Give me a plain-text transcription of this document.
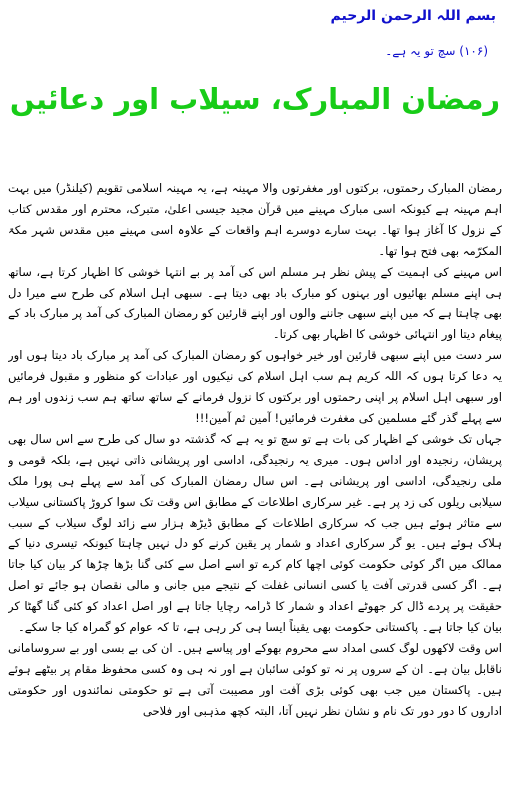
بسم اللہ الرحمن الرحیم
(۱۰۶) سچ تو یہ ہے۔
رمضان المبارک، سیلاب اور دعائیں

رمضان المبارک رحمتوں، برکتوں اور مغفرتوں والا مہینہ ہے، یہ مہینہ اسلامی تقویم (کیلنڈر) میں بہت اہم مہینہ ہے کیونکہ اسی مبارک مہینے میں قرآن مجید جیسی اعلیٰ، متبرک، محترم اور مقدس کتاب کے نزول کا آغاز ہوا تھا۔ بہت سارے دوسرے اہم واقعات کے علاوہ اسی مہینے میں مقدس شہر مکۃ المکرّمہ بھی فتح ہوا تھا۔

اس مہینے کی اہمیت کے پیش نظر ہر مسلم اس کی آمد پر بے انتہا خوشی کا اظہار کرتا ہے، ساتھ ہی اپنے مسلم بھائیوں اور بہنوں کو مبارک باد بھی دیتا ہے۔ سبھی اہل اسلام کی طرح سے میرا دل بھی چاہتا ہے کہ میں اپنے سبھی جاننے والوں اور اپنے قارئین کو رمضان المبارک کی آمد پر مبارک باد کے پیغام دیتا اور انتہائی خوشی کا اظہار بھی کرتا۔

سر دست میں اپنے سبھی قارئین اور خیر خواہوں کو رمضان المبارک کی آمد پر مبارک باد دیتا ہوں اور یہ دعا کرتا ہوں کہ اللہ کریم ہم سب اہل اسلام کی نیکیوں اور عبادات کو منظور و مقبول فرمائیں اور سبھی اہل اسلام پر اپنی رحمتوں اور برکتوں کا نزول فرمانے کے ساتھ ساتھ ہم سب زندوں اور ہم سے پہلے گذر گئے مسلمین کی مغفرت فرمائیں! آمین ثم آمین!!!

جہاں تک خوشی کے اظہار کی بات ہے تو سچ تو یہ ہے کہ گذشتہ دو سال کی طرح سے اس سال بھی پریشان، رنجیدہ اور اداس ہوں۔ میری یہ رنجیدگی، اداسی اور پریشانی ذاتی نہیں ہے، بلکہ قومی و ملی رنجیدگی، اداسی اور پریشانی ہے۔ اس سال رمضان المبارک کی آمد سے پہلے ہی پورا ملک سیلابی ریلوں کی زد پر ہے۔ غیر سرکاری اطلاعات کے مطابق اس وقت تک سوا کروڑ پاکستانی سیلاب سے متاثر ہوئے ہیں جب کہ سرکاری اطلاعات کے مطابق ڈیڑھ ہزار سے زائد لوگ سیلاب کے سبب ہلاک ہوئے ہیں۔ یو گر سرکاری اعداد و شمار پر یقین کرنے کو دل نہیں چاہتا کیونکہ تیسری دنیا کے ممالک میں اگر کوئی حکومت کوئی اچھا کام کرے تو اسے اصل سے کئی گنا بڑھا چڑھا کر بیان کیا جاتا ہے۔ اگر کسی قدرتی آفت یا کسی انسانی غفلت کے نتیجے میں جانی و مالی نقصان ہو جائے تو اصل حقیقت پر پردے ڈال کر جھوٹے اعداد و شمار کا ڈرامہ رچایا جاتا ہے اور اصل اعداد کو کئی گنا گھٹا کر بیان کیا جاتا ہے۔ پاکستانی حکومت بھی یقیناً ایسا ہی کر رہی ہے، تا کہ عوام کو گمراہ کیا جا سکے۔

اس وقت لاکھوں لوگ کسی امداد سے محروم بھوکے اور پیاسے ہیں۔ ان کی بے بسی اور بے سروسامانی ناقابل بیان ہے۔ ان کے سروں پر نہ تو کوئی سائبان ہے اور نہ ہی وہ کسی محفوظ مقام پر بیٹھے ہوئے ہیں۔ پاکستان میں جب بھی کوئی بڑی آفت اور مصیبت آتی ہے تو حکومتی نمائندوں اور حکومتی اداروں کا دور دور تک نام و نشان نظر نہیں آتا، البتہ کچھ مذہبی اور فلاحی
